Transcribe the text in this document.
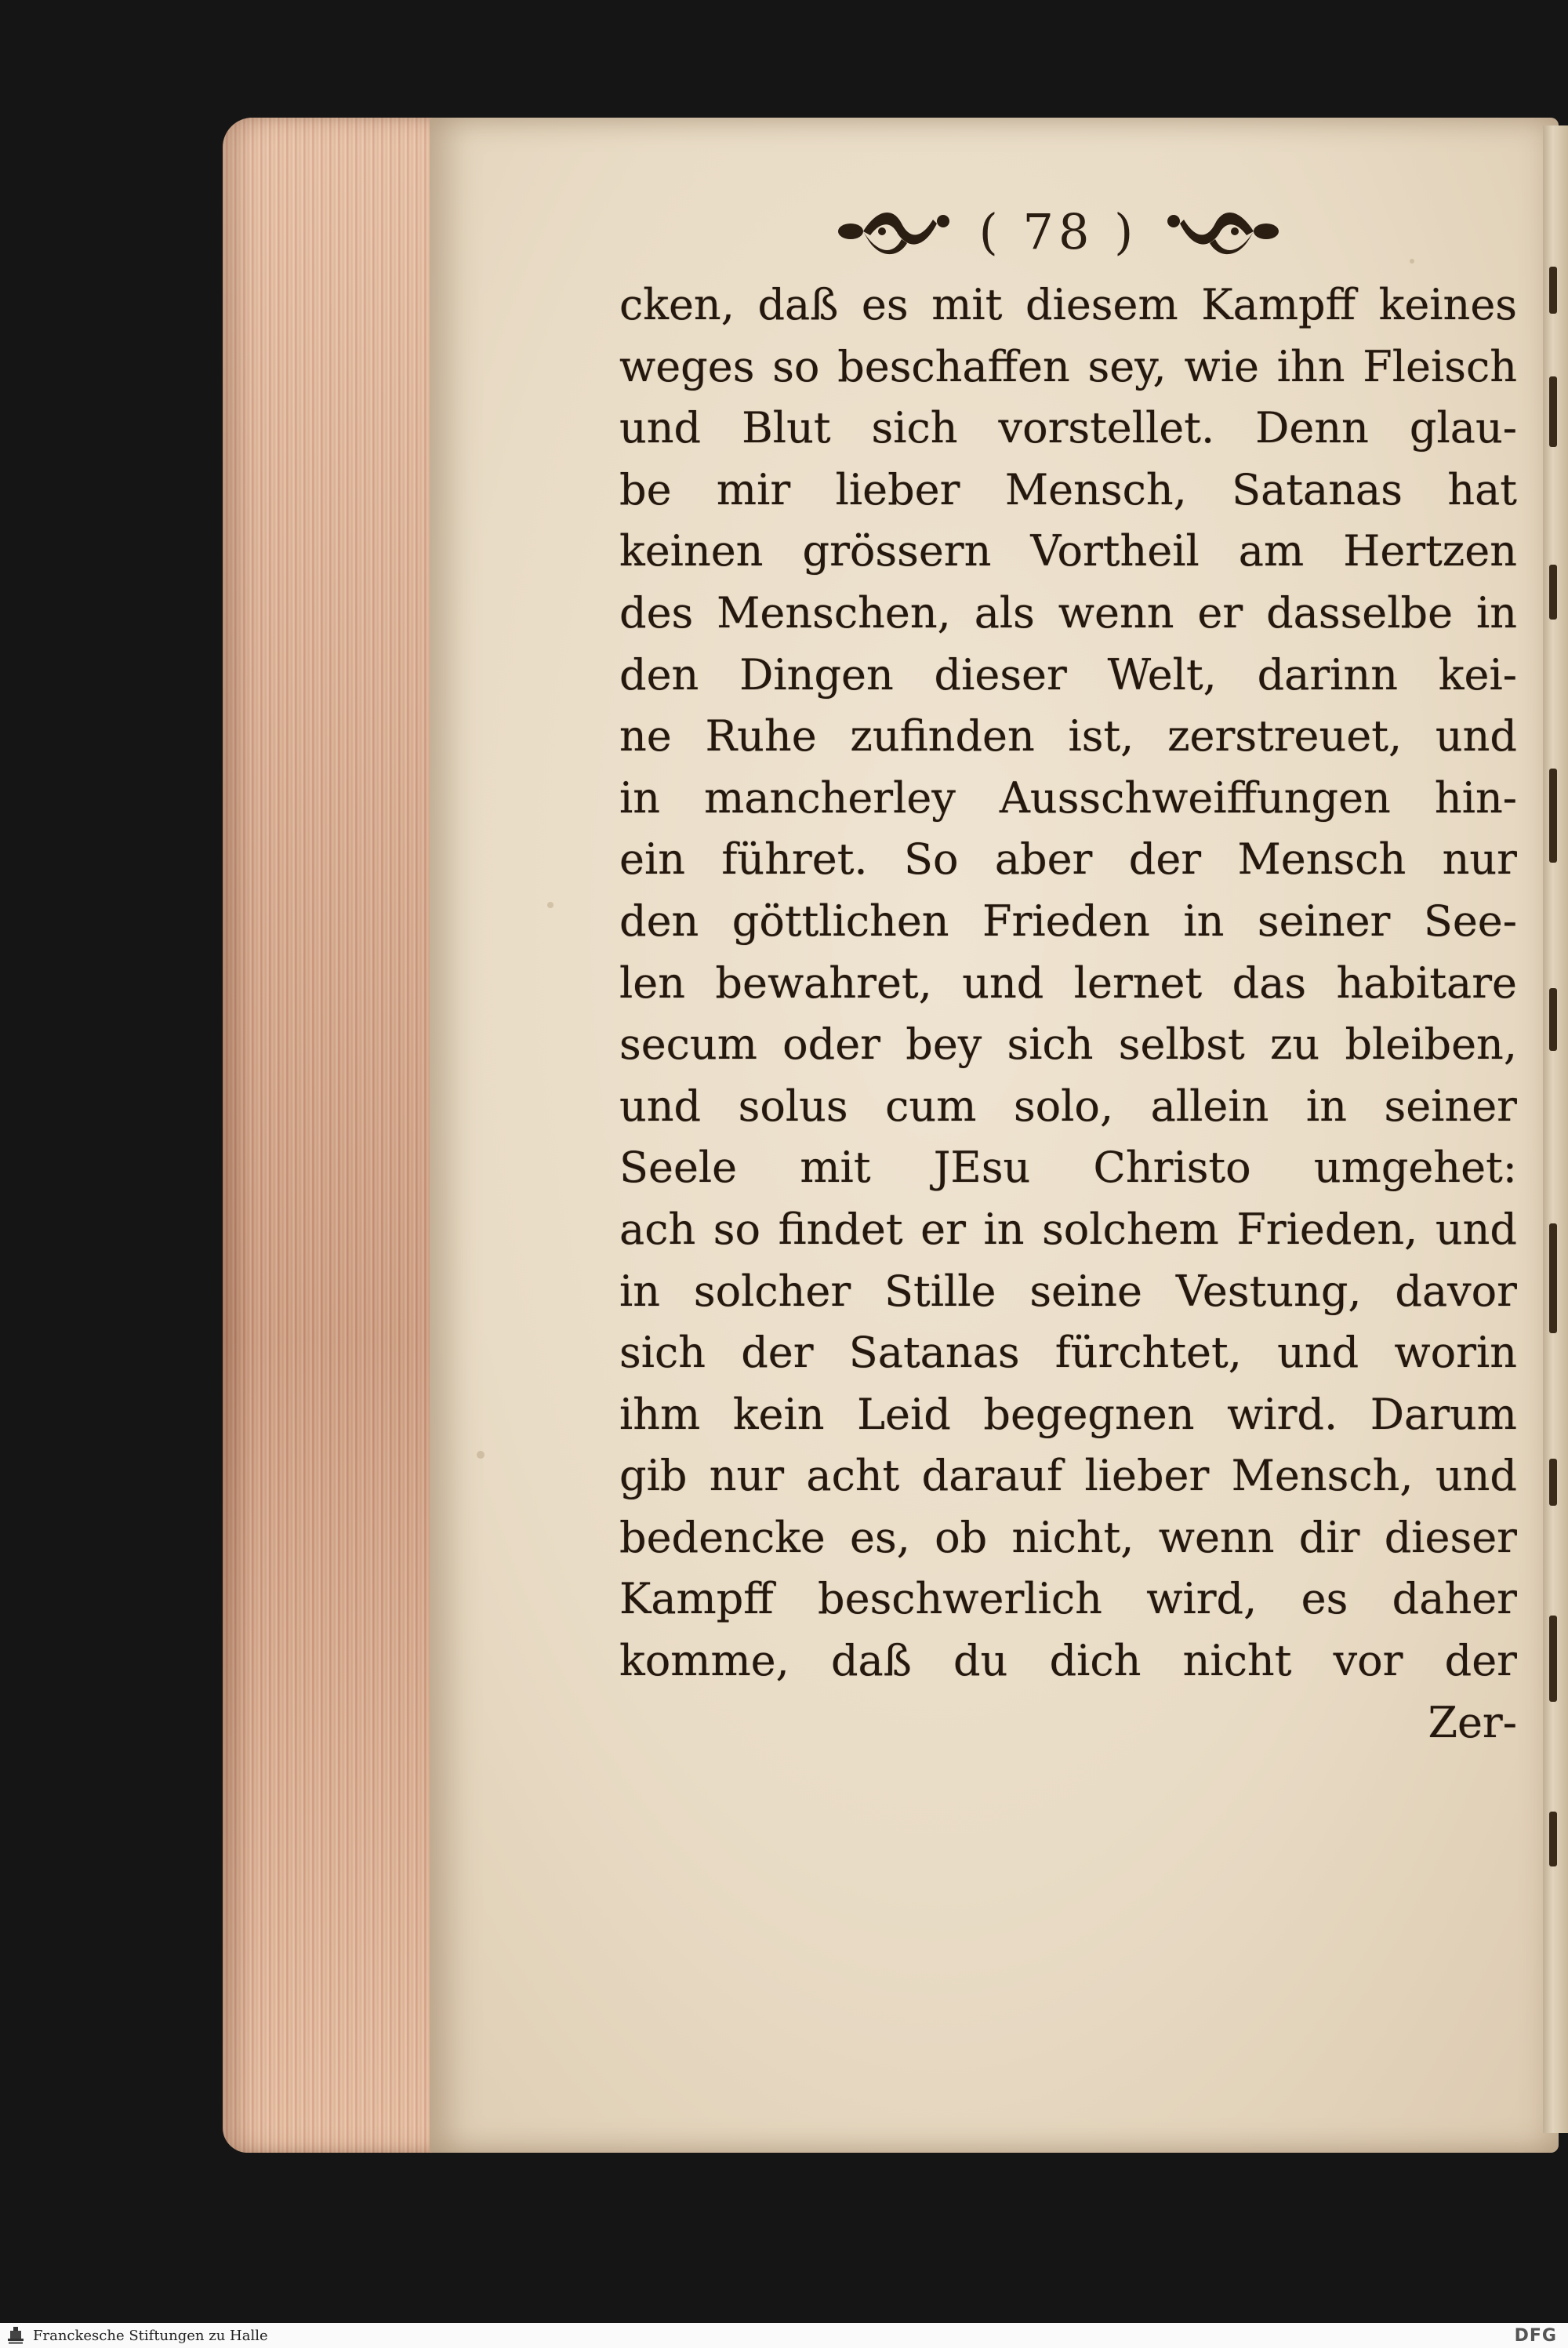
( 78 )
cken, daß es mit diesem Kampff keines
weges so beschaffen sey, wie ihn Fleisch
und Blut sich vorstellet. Denn glau-
be mir lieber Mensch, Satanas hat
keinen grössern Vortheil am Hertzen
des Menschen, als wenn er dasselbe in
den Dingen dieser Welt, darinn kei-
ne Ruhe zufinden ist, zerstreuet, und
in mancherley Ausschweiffungen hin-
ein führet. So aber der Mensch nur
den göttlichen Frieden in seiner See-
len bewahret, und lernet das habitare
secum oder bey sich selbst zu bleiben,
und solus cum solo, allein in seiner
Seele mit JEsu Christo umgehet:
ach so findet er in solchem Frieden, und
in solcher Stille seine Vestung, davor
sich der Satanas fürchtet, und worin
ihm kein Leid begegnen wird. Darum
gib nur acht darauf lieber Mensch, und
bedencke es, ob nicht, wenn dir dieser
Kampff beschwerlich wird, es daher
komme, daß du dich nicht vor der
Zer-
Franckesche Stiftungen zu Halle	DFG
